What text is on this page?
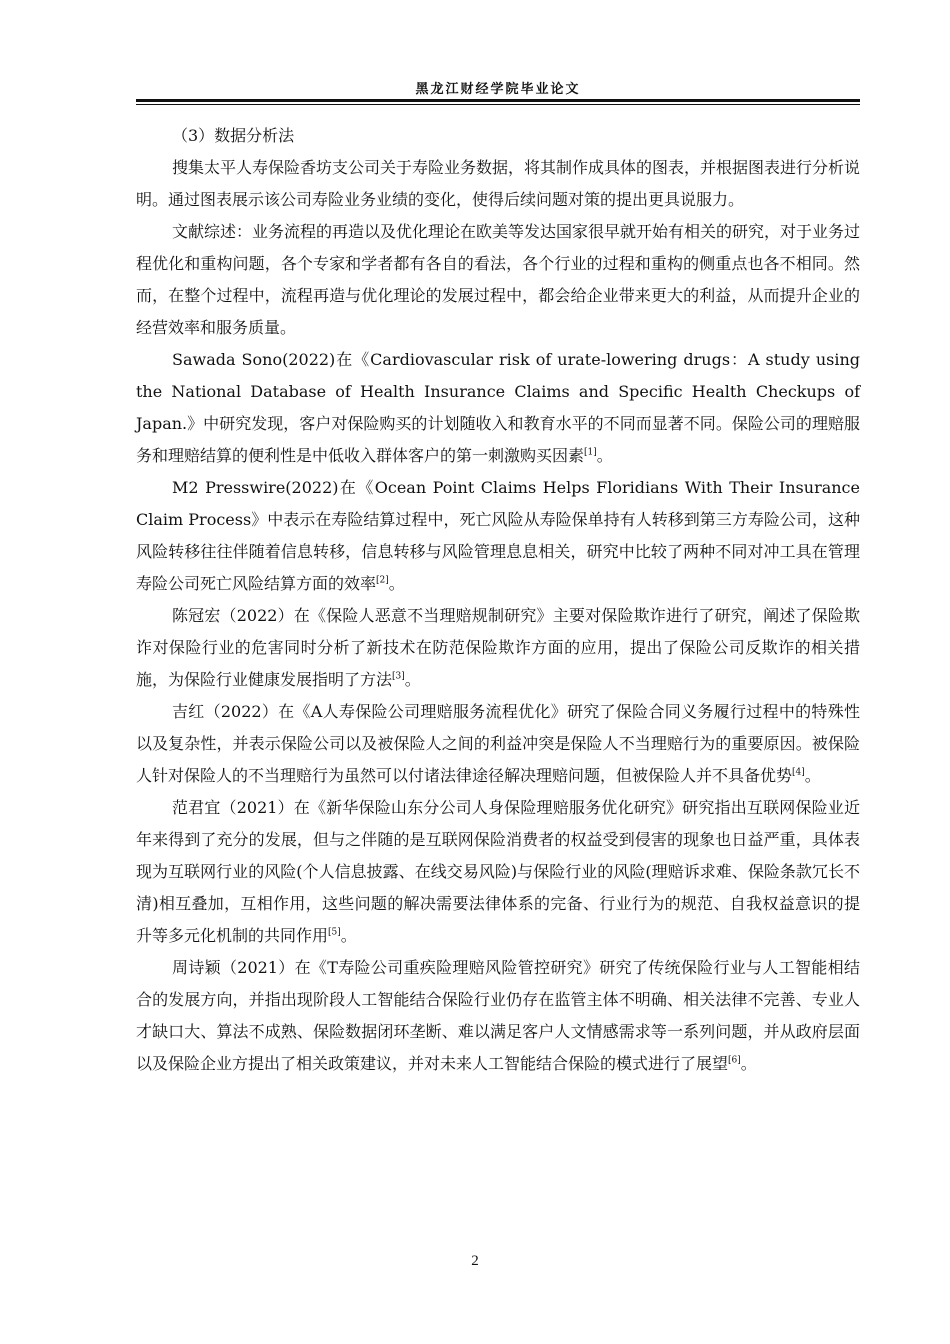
黑龙江财经学院毕业论文

（3）数据分析法

搜集太平人寿保险香坊支公司关于寿险业务数据，将其制作成具体的图表，并根据图表进行分析说明。通过图表展示该公司寿险业务业绩的变化，使得后续问题对策的提出更具说服力。

文献综述：业务流程的再造以及优化理论在欧美等发达国家很早就开始有相关的研究，对于业务过程优化和重构问题，各个专家和学者都有各自的看法，各个行业的过程和重构的侧重点也各不相同。然而，在整个过程中，流程再造与优化理论的发展过程中，都会给企业带来更大的利益，从而提升企业的经营效率和服务质量。

Sawada Sono(2022)在《Cardiovascular risk of urate-lowering drugs：A study using the National Database of Health Insurance Claims and Specific Health Checkups of Japan.》中研究发现，客户对保险购买的计划随收入和教育水平的不同而显著不同。保险公司的理赔服务和理赔结算的便利性是中低收入群体客户的第一刺激购买因素[1]。

M2 Presswire(2022)在《Ocean Point Claims Helps Floridians With Their Insurance Claim Process》中表示在寿险结算过程中，死亡风险从寿险保单持有人转移到第三方寿险公司，这种风险转移往往伴随着信息转移，信息转移与风险管理息息相关，研究中比较了两种不同对冲工具在管理寿险公司死亡风险结算方面的效率[2]。

陈冠宏（2022）在《保险人恶意不当理赔规制研究》主要对保险欺诈进行了研究，阐述了保险欺诈对保险行业的危害同时分析了新技术在防范保险欺诈方面的应用，提出了保险公司反欺诈的相关措施，为保险行业健康发展指明了方法[3]。

吉红（2022）在《A人寿保险公司理赔服务流程优化》研究了保险合同义务履行过程中的特殊性以及复杂性，并表示保险公司以及被保险人之间的利益冲突是保险人不当理赔行为的重要原因。被保险人针对保险人的不当理赔行为虽然可以付诸法律途径解决理赔问题，但被保险人并不具备优势[4]。

范君宜（2021）在《新华保险山东分公司人身保险理赔服务优化研究》研究指出互联网保险业近年来得到了充分的发展，但与之伴随的是互联网保险消费者的权益受到侵害的现象也日益严重，具体表现为互联网行业的风险(个人信息披露、在线交易风险)与保险行业的风险(理赔诉求难、保险条款冗长不清)相互叠加，互相作用，这些问题的解决需要法律体系的完备、行业行为的规范、自我权益意识的提升等多元化机制的共同作用[5]。

周诗颖（2021）在《T寿险公司重疾险理赔风险管控研究》研究了传统保险行业与人工智能相结合的发展方向，并指出现阶段人工智能结合保险行业仍存在监管主体不明确、相关法律不完善、专业人才缺口大、算法不成熟、保险数据闭环垄断、难以满足客户人文情感需求等一系列问题，并从政府层面以及保险企业方提出了相关政策建议，并对未来人工智能结合保险的模式进行了展望[6]。

2
